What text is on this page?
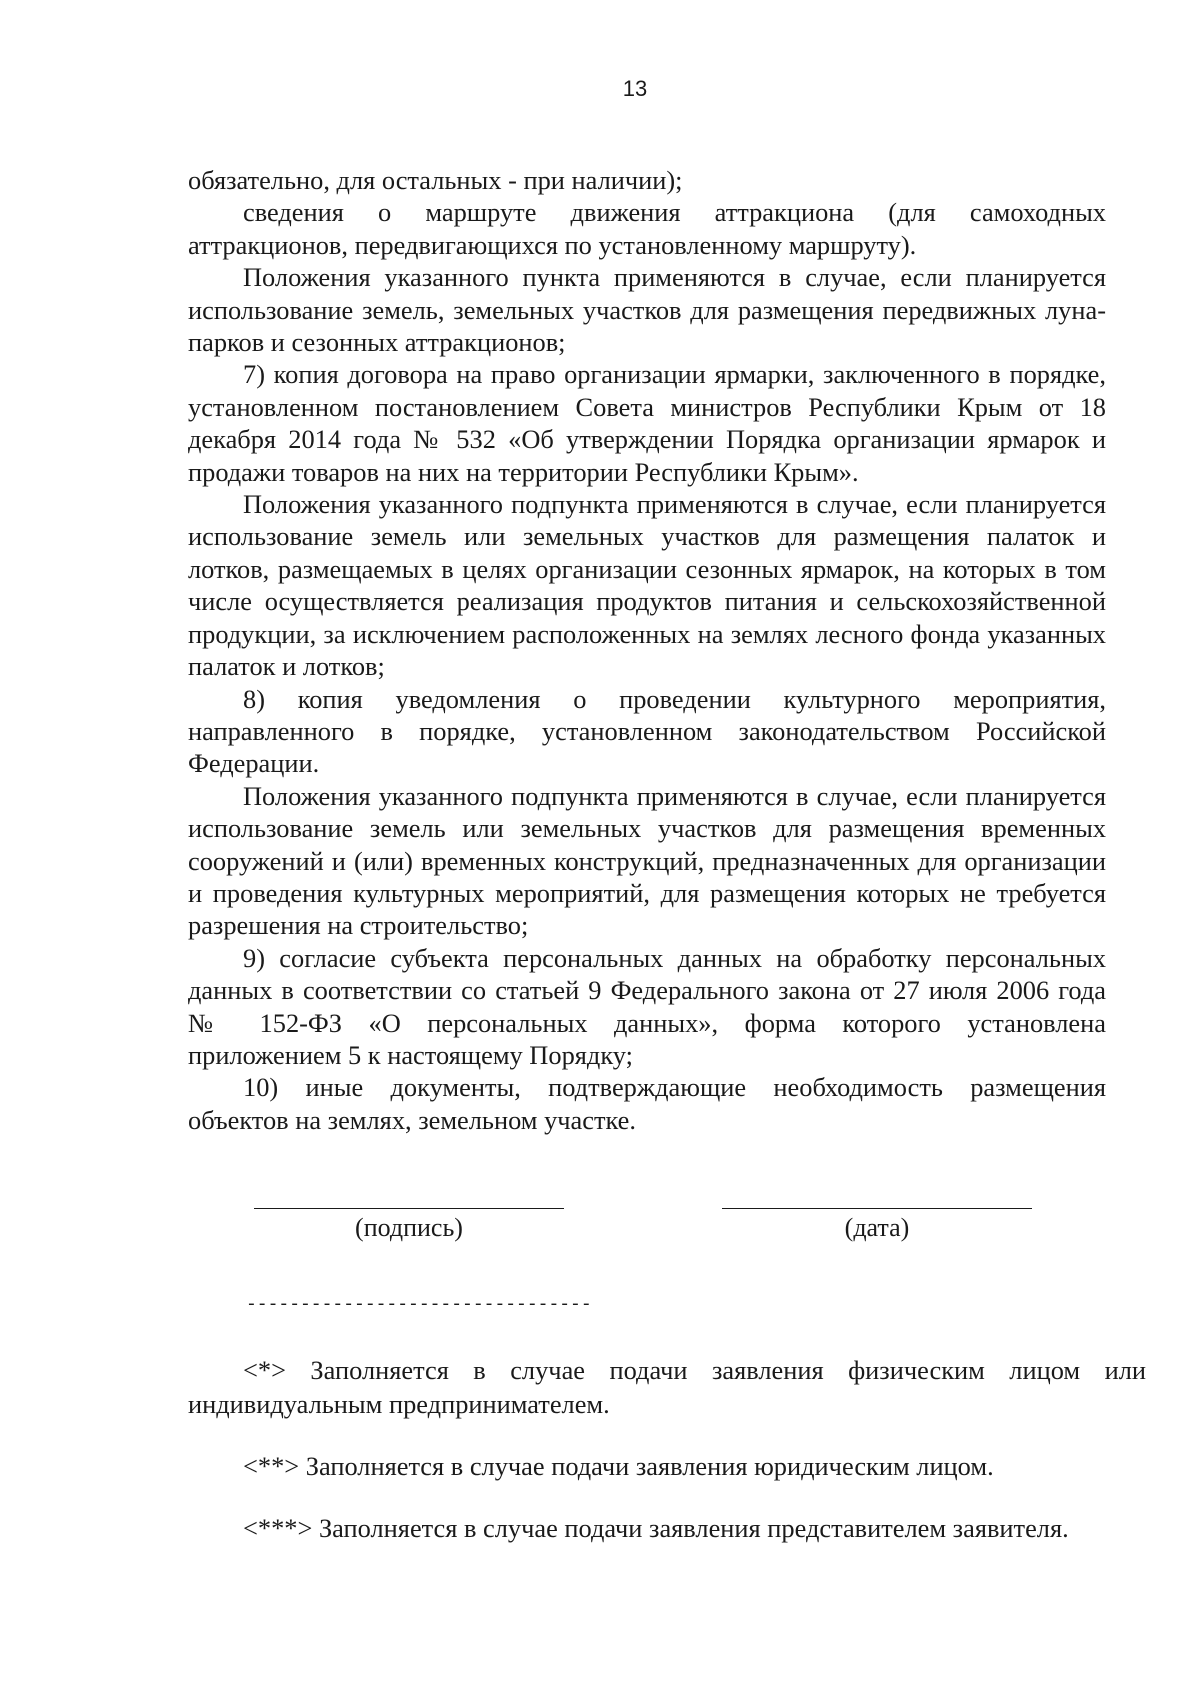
13

обязательно, для остальных - при наличии);

сведения о маршруте движения аттракциона (для самоходных аттракционов, передвигающихся по установленному маршруту).

Положения указанного пункта применяются в случае, если планируется использование земель, земельных участков для размещения передвижных луна-парков и сезонных аттракционов;

7) копия договора на право организации ярмарки, заключенного в порядке, установленном постановлением Совета министров Республики Крым от 18 декабря 2014 года № 532 «Об утверждении Порядка организации ярмарок и продажи товаров на них на территории Республики Крым».

Положения указанного подпункта применяются в случае, если планируется использование земель или земельных участков для размещения палаток и лотков, размещаемых в целях организации сезонных ярмарок, на которых в том числе осуществляется реализация продуктов питания и сельскохозяйственной продукции, за исключением расположенных на землях лесного фонда указанных палаток и лотков;

8) копия уведомления о проведении культурного мероприятия, направленного в порядке, установленном законодательством Российской Федерации.

Положения указанного подпункта применяются в случае, если планируется использование земель или земельных участков для размещения временных сооружений и (или) временных конструкций, предназначенных для организации и проведения культурных мероприятий, для размещения которых не требуется разрешения на строительство;

9) согласие субъекта персональных данных на обработку персональных данных в соответствии со статьей 9 Федерального закона от 27 июля 2006 года № 152-ФЗ «О персональных данных», форма которого установлена приложением 5 к настоящему Порядку;

10) иные документы, подтверждающие необходимость размещения объектов на землях, земельном участке.

(подпись)	(дата)
--------------------------------

<*> Заполняется в случае подачи заявления физическим лицом или индивидуальным предпринимателем.

<**> Заполняется в случае подачи заявления юридическим лицом.

<***> Заполняется в случае подачи заявления представителем заявителя.
